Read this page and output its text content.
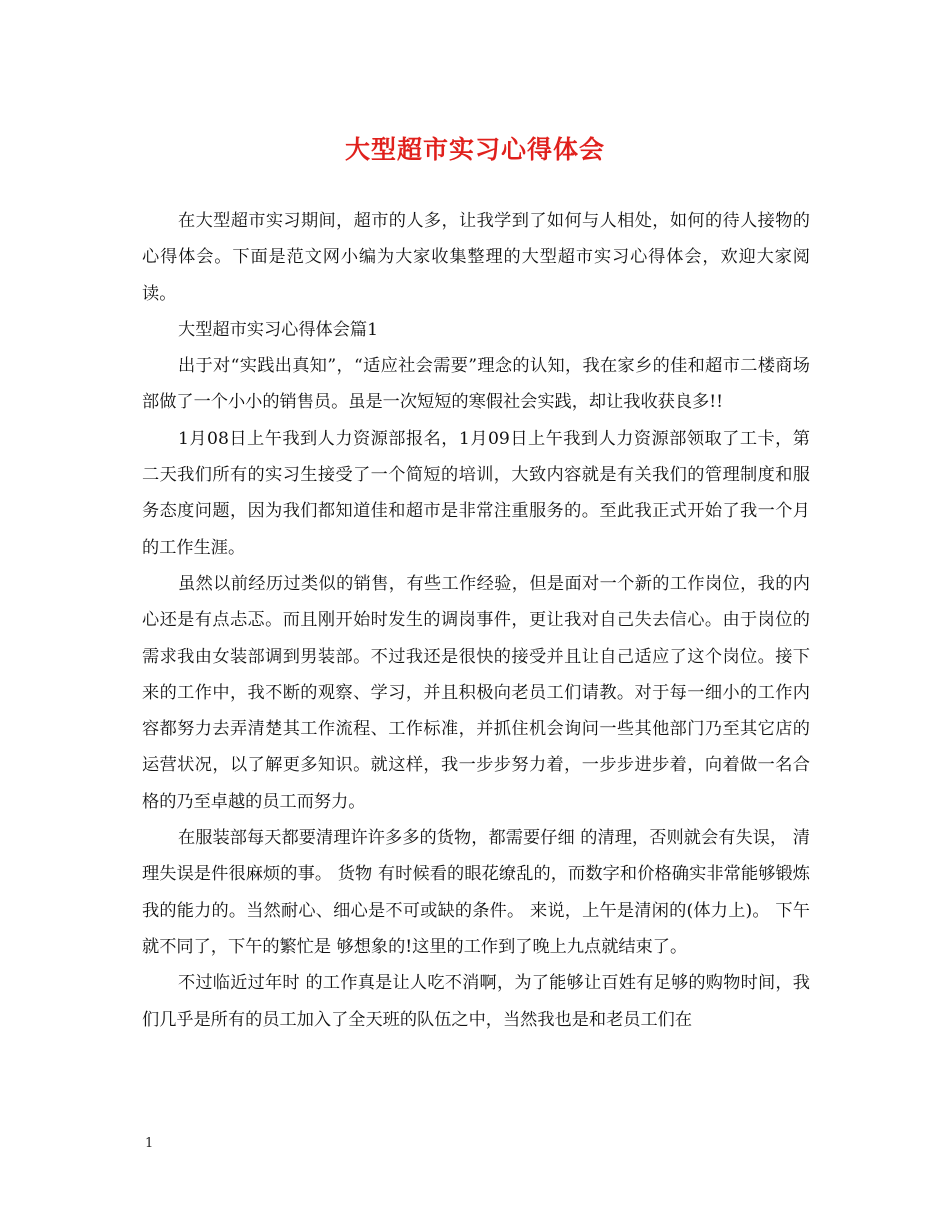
大型超市实习心得体会

在大型超市实习期间，超市的人多，让我学到了如何与人相处，如何的待人接物的心得体会。下面是范文网小编为大家收集整理的大型超市实习心得体会，欢迎大家阅读。

大型超市实习心得体会篇1

出于对“实践出真知”，“适应社会需要”理念的认知，我在家乡的佳和超市二楼商场部做了一个小小的销售员。虽是一次短短的寒假社会实践，却让我收获良多!!

1月08日上午我到人力资源部报名，1月09日上午我到人力资源部领取了工卡，第二天我们所有的实习生接受了一个简短的培训，大致内容就是有关我们的管理制度和服务态度问题，因为我们都知道佳和超市是非常注重服务的。至此我正式开始了我一个月的工作生涯。

虽然以前经历过类似的销售，有些工作经验，但是面对一个新的工作岗位，我的内心还是有点忐忑。而且刚开始时发生的调岗事件，更让我对自己失去信心。由于岗位的需求我由女装部调到男装部。不过我还是很快的接受并且让自己适应了这个岗位。接下来的工作中，我不断的观察、学习，并且积极向老员工们请教。对于每一细小的工作内容都努力去弄清楚其工作流程、工作标准，并抓住机会询问一些其他部门乃至其它店的运营状况，以了解更多知识。就这样，我一步步努力着，一步步进步着，向着做一名合格的乃至卓越的员工而努力。

在服装部每天都要清理许许多多的货物，都需要仔细 的清理，否则就会有失误， 清理失误是件很麻烦的事。 货物 有时候看的眼花缭乱的，而数字和价格确实非常能够锻炼我的能力的。当然耐心、细心是不可或缺的条件。 来说，上午是清闲的(体力上)。 下午就不同了，下午的繁忙是 够想象的!这里的工作到了晚上九点就结束了。

不过临近过年时 的工作真是让人吃不消啊，为了能够让百姓有足够的购物时间，我们几乎是所有的员工加入了全天班的队伍之中，当然我也是和老员工们在

1
